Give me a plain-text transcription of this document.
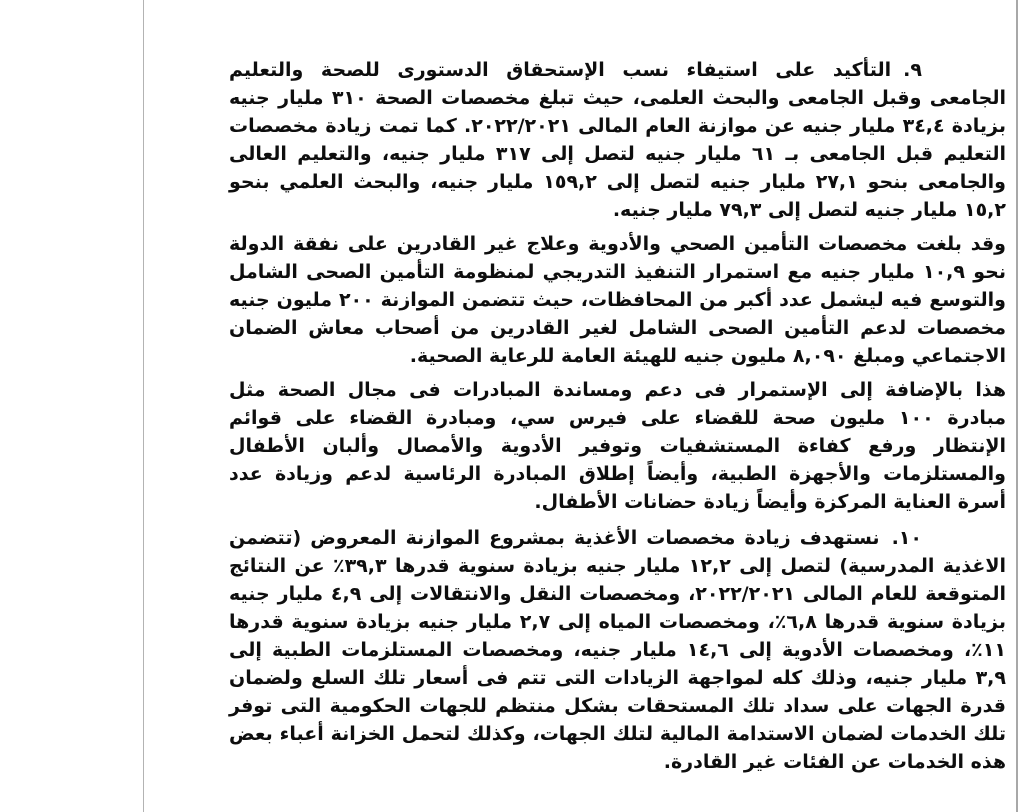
٩.التأكيد على استيفاء نسب الإستحقاق الدستورى للصحة والتعليم الجامعى وقبل الجامعى والبحث العلمى، حيث تبلغ مخصصات الصحة ٣١٠ مليار جنيه بزيادة ٣٤,٤ مليار جنيه عن موازنة العام المالى ٢٠٢٢/٢٠٢١. كما تمت زيادة مخصصات التعليم قبل الجامعى بـ ٦١ مليار جنيه لتصل إلى ٣١٧ مليار جنيه، والتعليم العالى والجامعى بنحو ٢٧,١ مليار جنيه لتصل إلى ١٥٩,٢ مليار جنيه، والبحث العلمي بنحو ١٥,٢ مليار جنيه لتصل إلى ٧٩,٣ مليار جنيه.

وقد بلغت مخصصات التأمين الصحي والأدوية وعلاج غير القادرين على نفقة الدولة نحو ١٠,٩ مليار جنيه مع استمرار التنفيذ التدريجي لمنظومة التأمين الصحى الشامل والتوسع فيه ليشمل عدد أكبر من المحافظات، حيث تتضمن الموازنة ٢٠٠ مليون جنيه مخصصات لدعم التأمين الصحى الشامل لغير القادرين من أصحاب معاش الضمان الاجتماعي ومبلغ ٨,٠٩٠ مليون جنيه للهيئة العامة للرعاية الصحية.

هذا بالإضافة إلى الإستمرار فى دعم ومساندة المبادرات فى مجال الصحة مثل مبادرة ١٠٠ مليون صحة للقضاء على فيرس سي، ومبادرة القضاء على قوائم الإنتظار ورفع كفاءة المستشفيات وتوفير الأدوية والأمصال وألبان الأطفال والمستلزمات والأجهزة الطبية، وأيضاً إطلاق المبادرة الرئاسية لدعم وزيادة عدد أسرة العناية المركزة وأيضاً زيادة حضانات الأطفال.

١٠.نستهدف زيادة مخصصات الأغذية بمشروع الموازنة المعروض (تتضمن الاغذية المدرسية) لتصل إلى ١٢,٢ مليار جنيه بزيادة سنوية قدرها ٣٩,٣٪ عن النتائج المتوقعة للعام المالى ٢٠٢٢/٢٠٢١، ومخصصات النقل والانتقالات إلى ٤,٩ مليار جنيه بزيادة سنوية قدرها ٦,٨٪، ومخصصات المياه إلى ٢,٧ مليار جنيه بزيادة سنوية قدرها ١١٪، ومخصصات الأدوية إلى ١٤,٦ مليار جنيه، ومخصصات المستلزمات الطبية إلى ٣,٩ مليار جنيه، وذلك كله لمواجهة الزيادات التى تتم فى أسعار تلك السلع ولضمان قدرة الجهات على سداد تلك المستحقات بشكل منتظم للجهات الحكومية التى توفر تلك الخدمات لضمان الاستدامة المالية لتلك الجهات، وكذلك لتحمل الخزانة أعباء بعض هذه الخدمات عن الفئات غير القادرة.
